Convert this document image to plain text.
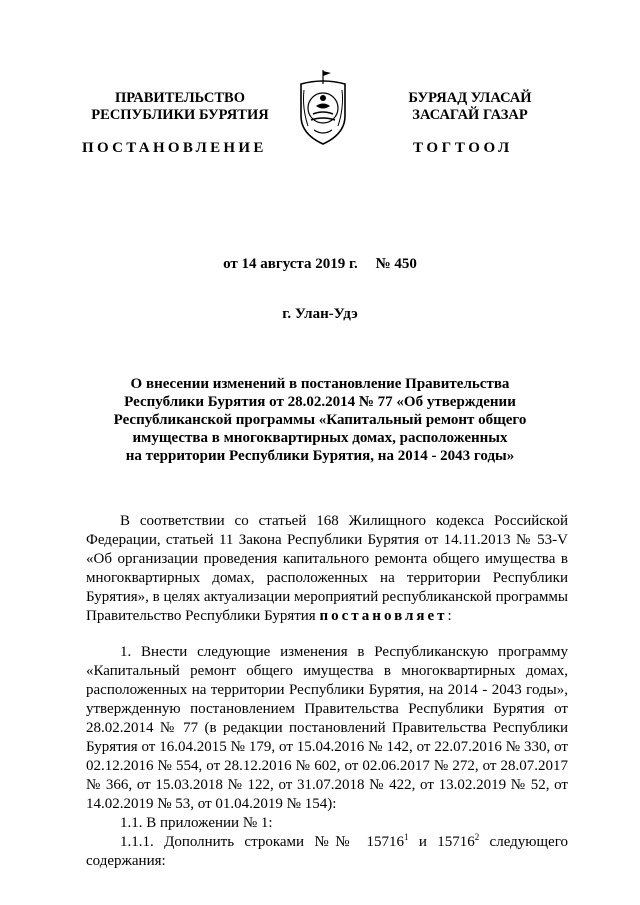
ПРАВИТЕЛЬСТВО
РЕСПУБЛИКИ БУРЯТИЯ
БУРЯАД УЛАСАЙ
ЗАСАГАЙ ГАЗАР
ПОСТАНОВЛЕНИЕ	ТОГТООЛ
от 14 августа 2019 г. № 450
г. Улан-Удэ
О внесении изменений в постановление Правительства
Республики Бурятия от 28.02.2014 № 77 «Об утверждении
Республиканской программы «Капитальный ремонт общего
имущества в многоквартирных домах, расположенных
на территории Республики Бурятия, на 2014 - 2043 годы»

В соответствии со статьей 168 Жилищного кодекса Российской Федерации, статьей 11 Закона Республики Бурятия от 14.11.2013 № 53-V «Об организации проведения капитального ремонта общего имущества в многоквартирных домах, расположенных на территории Республики Бурятия», в целях актуализации мероприятий республиканской программы Правительство Республики Бурятия постановляет:

1. Внести следующие изменения в Республиканскую программу «Капитальный ремонт общего имущества в многоквартирных домах, расположенных на территории Республики Бурятия, на 2014 - 2043 годы», утвержденную постановлением Правительства Республики Бурятия от 28.02.2014 № 77 (в редакции постановлений Правительства Республики Бурятия от 16.04.2015 № 179, от 15.04.2016 № 142, от 22.07.2016 № 330, от 02.12.2016 № 554, от 28.12.2016 № 602, от 02.06.2017 № 272, от 28.07.2017 № 366, от 15.03.2018 № 122, от 31.07.2018 № 422, от 13.02.2019 № 52, от 14.02.2019 № 53, от 01.04.2019 № 154):

1.1. В приложении № 1:

1.1.1. Дополнить строками №№ 15716$^1$ и 15716$^2$ следующего содержания:
